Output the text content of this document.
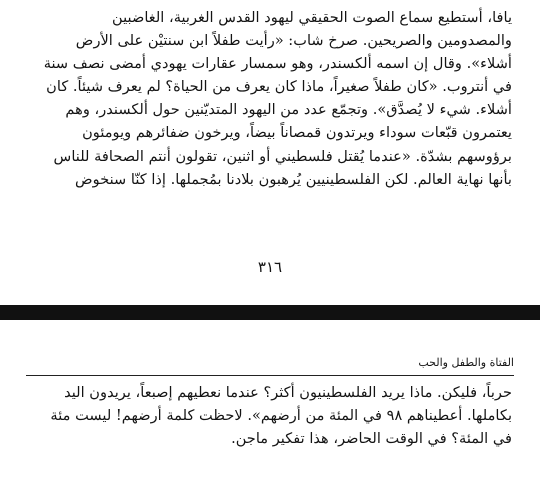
يافا، أستطيع سماع الصوت الحقيقي ليهود القدس الغربية، الغاضبين
والمصدومين والصريحين. صرخ شاب: «رأيت طفلاً ابن سنتيْن على الأرض
أشلاء». وقال إن اسمه ألكسندر، وهو سمسار عقارات يهودي أمضى نصف سنة
في أنتروب. «كان طفلاً صغيراً، ماذا كان يعرف من الحياة؟ لم يعرف شيئاً. كان
أشلاء. شيء لا يُصدَّق». وتجمّع عدد من اليهود المتديّنين حول ألكسندر، وهم
يعتمرون قبّعات سوداء ويرتدون قمصاناً بيضاً، ويرخون ضفائرهم ويومئون
برؤوسهم بشدّة. «عندما يُقتل فلسطيني أو اثنين، تقولون أنتم الصحافة للناس
بأنها نهاية العالم. لكن الفلسطينيين يُرهبون بلادنا بمُجملها. إذا كنّا سنخوض
٣١٦
الفتاة والطفل والحب
حرباً، فليكن. ماذا يريد الفلسطينيون أكثر؟ عندما نعطيهم إصبعاً، يريدون اليد
بكاملها. أعطيناهم ٩٨ في المئة من أرضهم». لاحظت كلمة أرضهم! ليست مئة
في المئة؟ في الوقت الحاضر، هذا تفكير ماجن.
